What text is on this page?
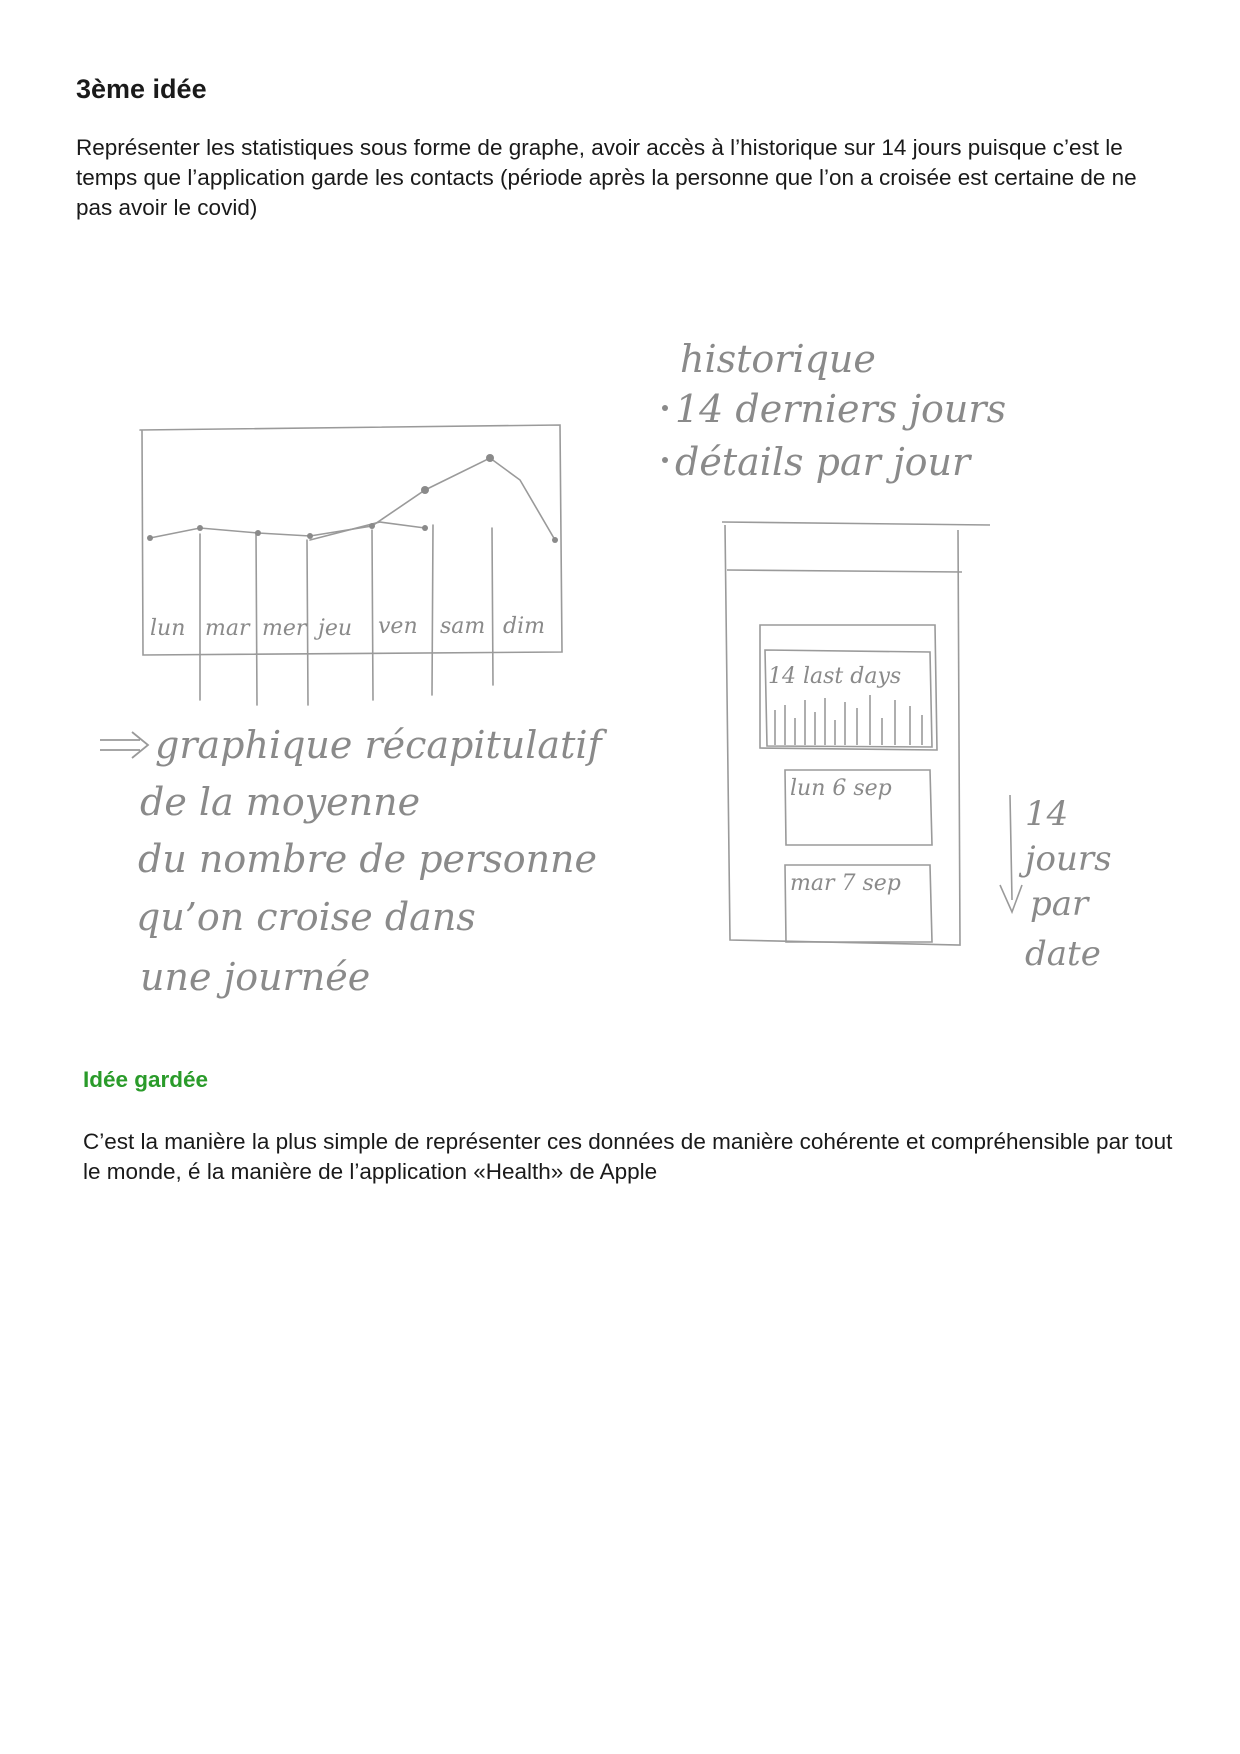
3ème idée

Représenter les statistiques sous forme de graphe, avoir accès à l’historique sur 14 jours puisque c’est le temps que l’application garde les contacts (période après la personne que l’on a croisée est certaine de ne pas avoir le covid)

lun mar mer jeu ven sam dim
graphique récapitulatif
de la moyenne
du nombre de personne
qu’on croise dans
une journée
historique
14 derniers jours
détails par jour
14 last days
lun 6 sep
mar 7 sep
14
jours
par
date
Idée gardée

C’est la manière la plus simple de représenter ces données de manière cohérente et compréhensible par tout le monde, é la manière de l’application «Health» de Apple
